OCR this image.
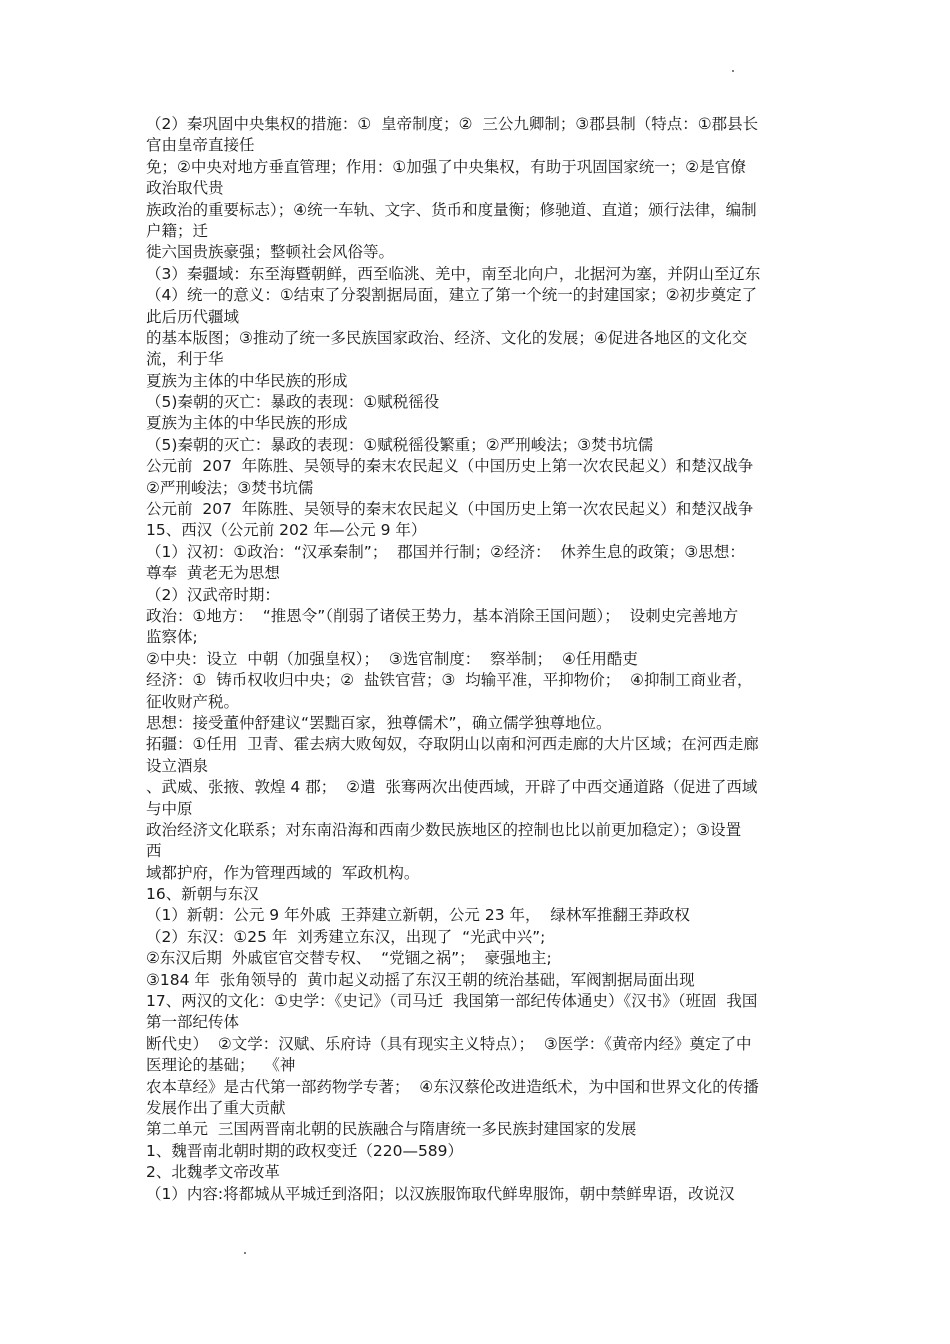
（2）秦巩固中央集权的措施：①  皇帝制度；②  三公九卿制；③郡县制（特点：①郡县长
官由皇帝直接任
免；②中央对地方垂直管理；作用：①加强了中央集权，有助于巩固国家统一；②是官僚
政治取代贵
族政治的重要标志）；④统一车轨、文字、货币和度量衡；修驰道、直道；颁行法律，编制
户籍；迁
徙六国贵族豪强；整顿社会风俗等。
（3）秦疆域：东至海暨朝鲜，西至临洮、羌中，南至北向户，北据河为塞，并阴山至辽东
（4）统一的意义：①结束了分裂割据局面，建立了第一个统一的封建国家；②初步奠定了
此后历代疆域
的基本版图；③推动了统一多民族国家政治、经济、文化的发展；④促进各地区的文化交
流，利于华
夏族为主体的中华民族的形成
（5)秦朝的灭亡：暴政的表现：①赋税徭役
夏族为主体的中华民族的形成
（5)秦朝的灭亡：暴政的表现：①赋税徭役繁重；②严刑峻法；③焚书坑儒
公元前  207  年陈胜、吴领导的秦末农民起义（中国历史上第一次农民起义）和楚汉战争
②严刑峻法；③焚书坑儒
公元前  207  年陈胜、吴领导的秦末农民起义（中国历史上第一次农民起义）和楚汉战争
15、西汉（公元前 202 年—公元 9 年）
（1）汉初：①政治：“汉承秦制”；  郡国并行制；②经济：  休养生息的政策；③思想：
尊奉  黄老无为思想
（2）汉武帝时期：
政治：①地方：  “推恩令”（削弱了诸侯王势力，基本消除王国问题）；  设刺史完善地方
监察体;
②中央：设立  中朝（加强皇权）；  ③选官制度：  察举制；  ④任用酷吏
经济：①  铸币权收归中央；②  盐铁官营；③  均输平准，平抑物价；  ④抑制工商业者，
征收财产税。
思想：接受董仲舒建议“罢黜百家，独尊儒术”，确立儒学独尊地位。
拓疆：①任用  卫青、霍去病大败匈奴，夺取阴山以南和河西走廊的大片区域；在河西走廊
设立酒泉
、武威、张掖、敦煌 4 郡；  ②遣  张骞两次出使西域，开辟了中西交通道路（促进了西域
与中原
政治经济文化联系；对东南沿海和西南少数民族地区的控制也比以前更加稳定）；③设置
西
域都护府，作为管理西域的  军政机构。
16、新朝与东汉
（1）新朝：公元 9 年外戚  王莽建立新朝，公元 23 年，  绿林军推翻王莽政权
（2）东汉：①25 年  刘秀建立东汉，出现了  “光武中兴”;
②东汉后期  外戚宦官交替专权、  “党锢之祸”；  豪强地主;
③184 年  张角领导的  黄巾起义动摇了东汉王朝的统治基础，军阀割据局面出现
17、两汉的文化：①史学：《史记》（司马迁  我国第一部纪传体通史）《汉书》（班固  我国
第一部纪传体
断代史）  ②文学：汉赋、乐府诗（具有现实主义特点）；  ③医学：《黄帝内经》奠定了中
医理论的基础；  《神
农本草经》是古代第一部药物学专著；  ④东汉蔡伦改进造纸术，为中国和世界文化的传播
发展作出了重大贡献
第二单元  三国两晋南北朝的民族融合与隋唐统一多民族封建国家的发展
1、魏晋南北朝时期的政权变迁（220—589）
2、北魏孝文帝改革
（1）内容:将都城从平城迁到洛阳；以汉族服饰取代鲜卑服饰，朝中禁鲜卑语，改说汉
